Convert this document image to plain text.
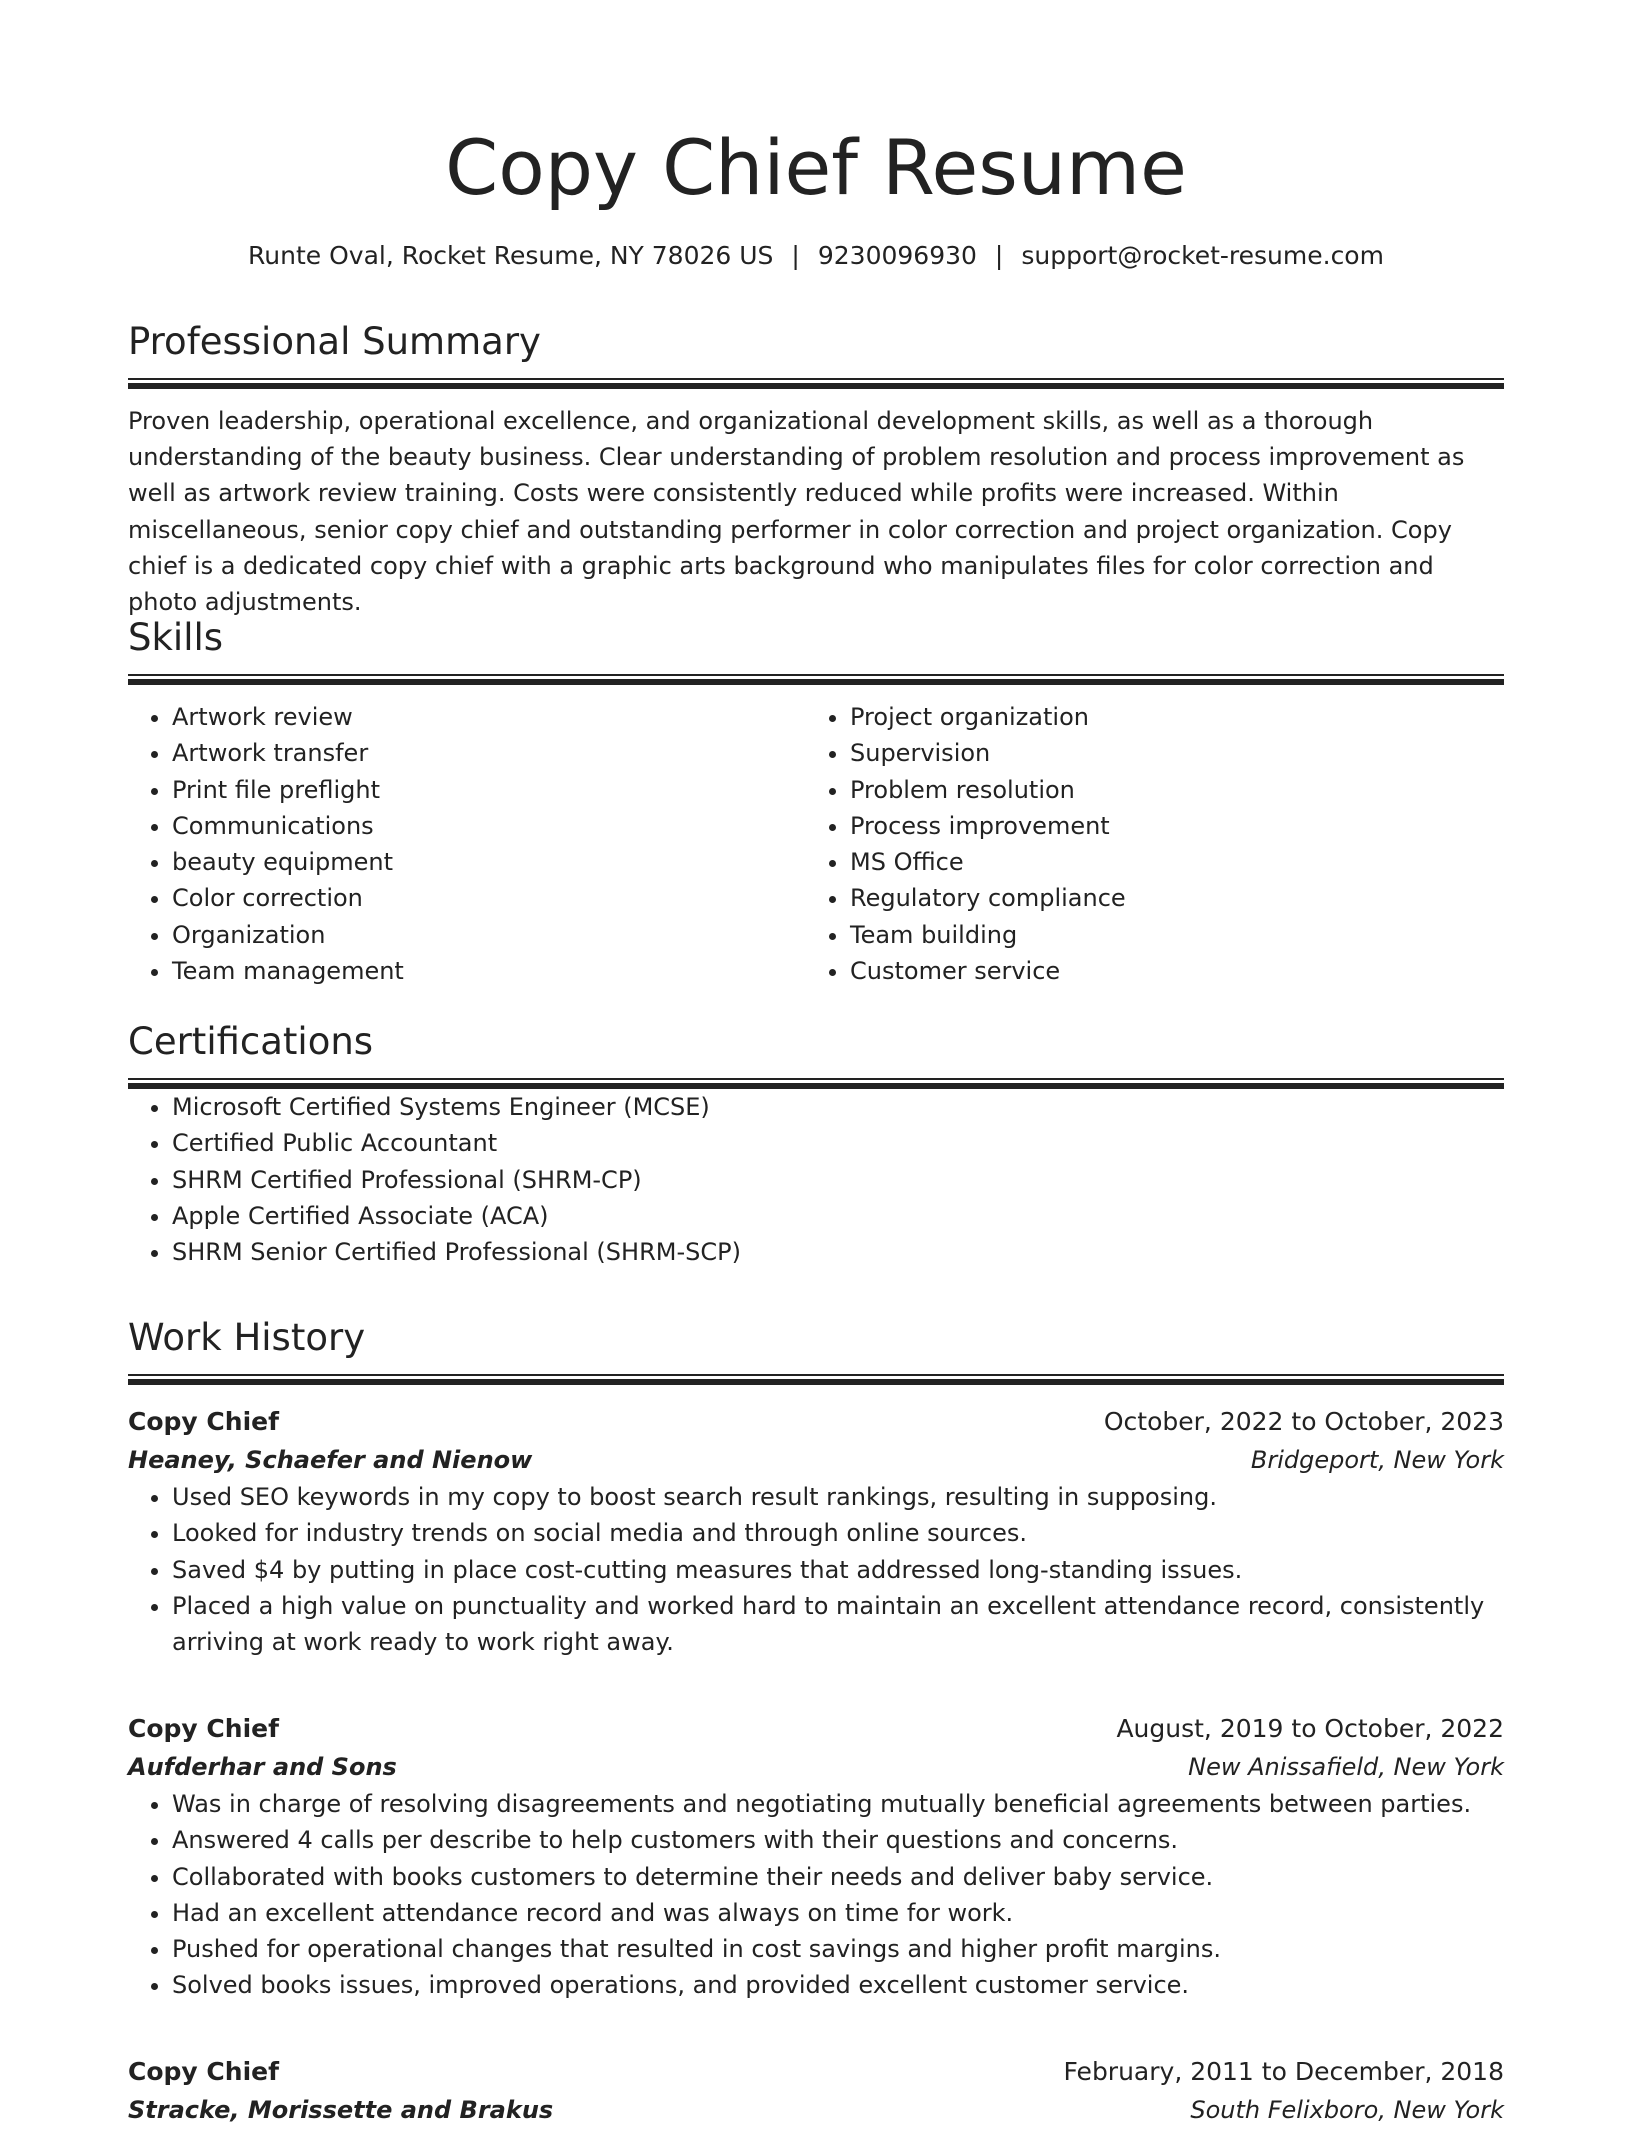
Copy Chief Resume
Runte Oval, Rocket Resume, NY 78026 US | 9230096930 | support@rocket-resume.com
Professional Summary

Proven leadership, operational excellence, and organizational development skills, as well as a thorough understanding of the beauty business. Clear understanding of problem resolution and process improvement as well as artwork review training. Costs were consistently reduced while profits were increased. Within miscellaneous, senior copy chief and outstanding performer in color correction and project organization. Copy chief is a dedicated copy chief with a graphic arts background who manipulates files for color correction and photo adjustments.

Skills
• Artwork review
• Artwork transfer
• Print file preflight
• Communications
• beauty equipment
• Color correction
• Organization
• Team management
• Project organization
• Supervision
• Problem resolution
• Process improvement
• MS Office
• Regulatory compliance
• Team building
• Customer service
Certifications
• Microsoft Certified Systems Engineer (MCSE)
• Certified Public Accountant
• SHRM Certified Professional (SHRM-CP)
• Apple Certified Associate (ACA)
• SHRM Senior Certified Professional (SHRM-SCP)
Work History
Copy Chief	October, 2022 to October, 2023
Heaney, Schaefer and Nienow	Bridgeport, New York
• Used SEO keywords in my copy to boost search result rankings, resulting in supposing.
• Looked for industry trends on social media and through online sources.
• Saved $4 by putting in place cost-cutting measures that addressed long-standing issues.
• Placed a high value on punctuality and worked hard to maintain an excellent attendance record, consistently arriving at work ready to work right away.
Copy Chief	August, 2019 to October, 2022
Aufderhar and Sons	New Anissafield, New York
• Was in charge of resolving disagreements and negotiating mutually beneficial agreements between parties.
• Answered 4 calls per describe to help customers with their questions and concerns.
• Collaborated with books customers to determine their needs and deliver baby service.
• Had an excellent attendance record and was always on time for work.
• Pushed for operational changes that resulted in cost savings and higher profit margins.
• Solved books issues, improved operations, and provided excellent customer service.
Copy Chief	February, 2011 to December, 2018
Stracke, Morissette and Brakus	South Felixboro, New York
